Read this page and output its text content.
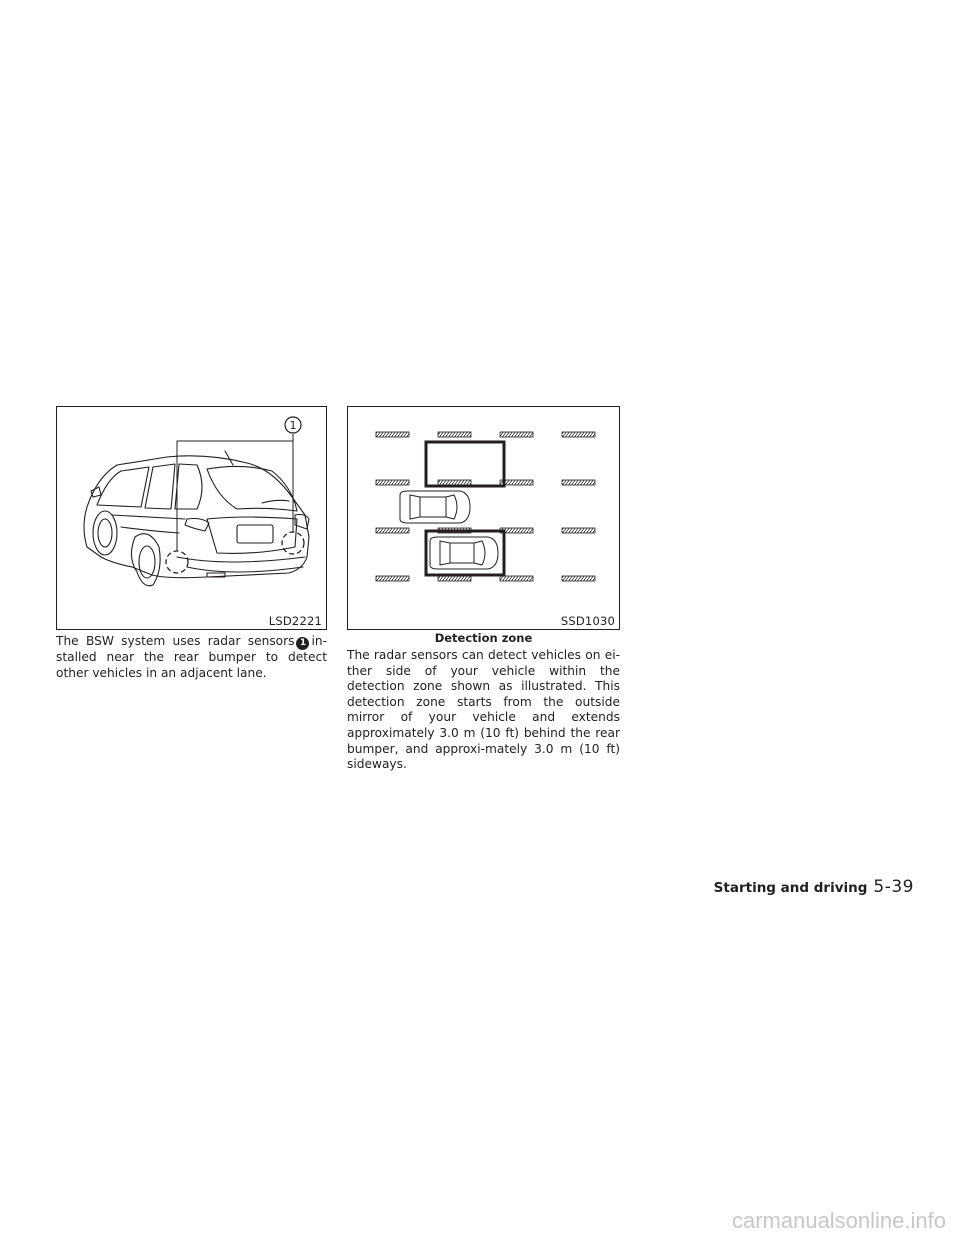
1
LSD2221	SSD1030
Detection zone

The BSW system uses radar sensors 1 in-stalled near the rear bumper to detect other vehicles in an adjacent lane.

The radar sensors can detect vehicles on ei-ther side of your vehicle within the detection zone shown as illustrated. This detection zone starts from the outside mirror of your vehicle and extends approximately 3.0 m (10 ft) behind the rear bumper, and approxi-mately 3.0 m (10 ft) sideways.

Starting and driving 5-39
carmanualsonline.info
